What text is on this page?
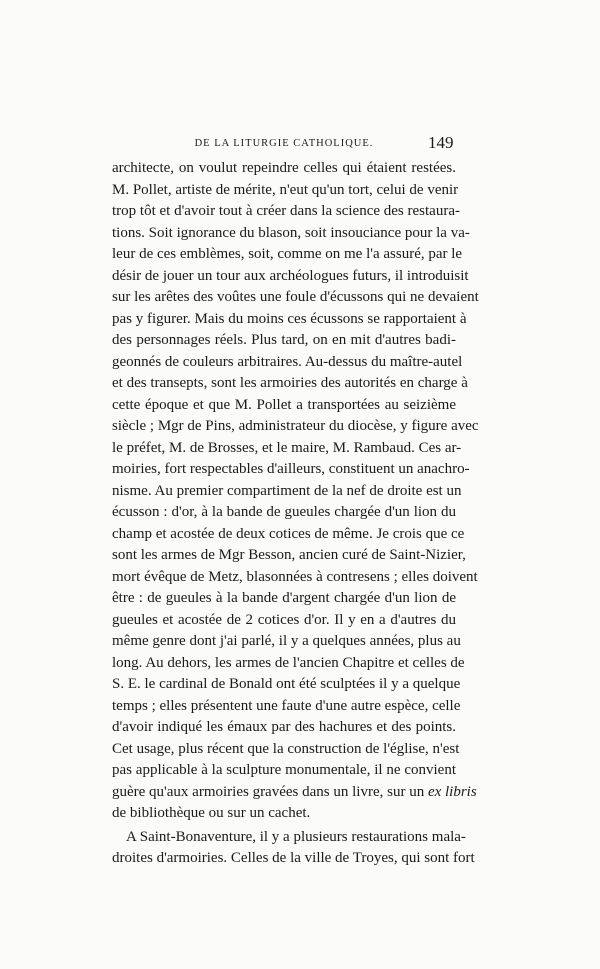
DE LA LITURGIE CATHOLIQUE.	149
architecte, on voulut repeindre celles qui étaient restées.
M. Pollet, artiste de mérite, n'eut qu'un tort, celui de venir
trop tôt et d'avoir tout à créer dans la science des restaura-
tions. Soit ignorance du blason, soit insouciance pour la va-
leur de ces emblèmes, soit, comme on me l'a assuré, par le
désir de jouer un tour aux archéologues futurs, il introduisit
sur les arêtes des voûtes une foule d'écussons qui ne devaient
pas y figurer. Mais du moins ces écussons se rapportaient à
des personnages réels. Plus tard, on en mit d'autres badi-
geonnés de couleurs arbitraires. Au-dessus du maître-autel
et des transepts, sont les armoiries des autorités en charge à
cette époque et que M. Pollet a transportées au seizième
siècle ; Mgr de Pins, administrateur du diocèse, y figure avec
le préfet, M. de Brosses, et le maire, M. Rambaud. Ces ar-
moiries, fort respectables d'ailleurs, constituent un anachro-
nisme. Au premier compartiment de la nef de droite est un
écusson : d'or, à la bande de gueules chargée d'un lion du
champ et acostée de deux cotices de même. Je crois que ce
sont les armes de Mgr Besson, ancien curé de Saint-Nizier,
mort évêque de Metz, blasonnées à contresens ; elles doivent
être : de gueules à la bande d'argent chargée d'un lion de
gueules et acostée de 2 cotices d'or. Il y en a d'autres du
même genre dont j'ai parlé, il y a quelques années, plus au
long. Au dehors, les armes de l'ancien Chapitre et celles de
S. E. le cardinal de Bonald ont été sculptées il y a quelque
temps ; elles présentent une faute d'une autre espèce, celle
d'avoir indiqué les émaux par des hachures et des points.
Cet usage, plus récent que la construction de l'église, n'est
pas applicable à la sculpture monumentale, il ne convient
guère qu'aux armoiries gravées dans un livre, sur un ex libris
de bibliothèque ou sur un cachet.
A Saint-Bonaventure, il y a plusieurs restaurations mala-
droites d'armoiries. Celles de la ville de Troyes, qui sont fort
